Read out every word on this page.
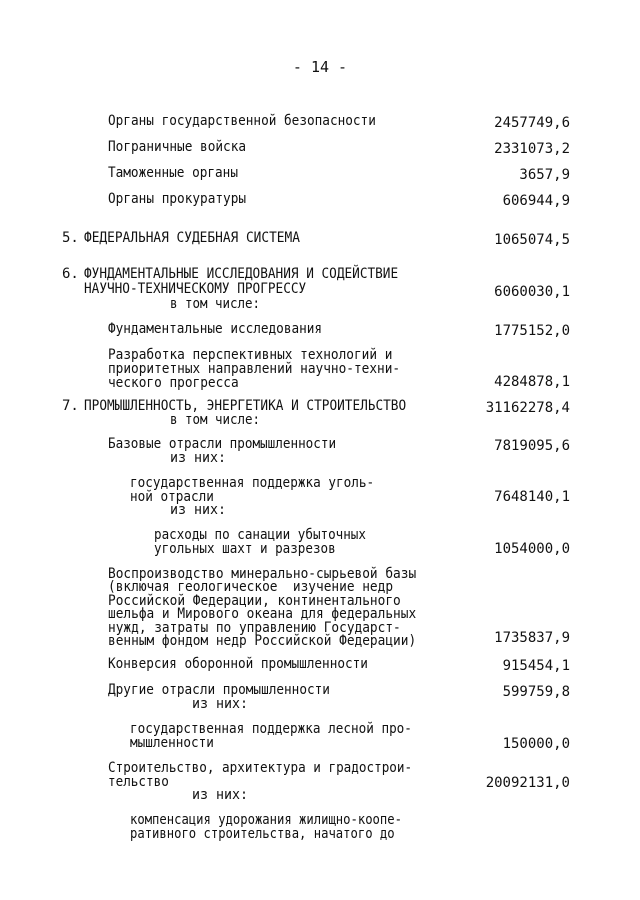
- 14 -
Органы государственной безопасности	2457749,6
Пограничные войска	2331073,2
Таможенные органы	3657,9
Органы прокуратуры	606944,9
5. ФЕДЕРАЛЬНАЯ СУДЕБНАЯ СИСТЕМА	1065074,5
6. ФУНДАМЕНТАЛЬНЫЕ ИССЛЕДОВАНИЯ И СОДЕЙСТВИЕ
НАУЧНО-ТЕХНИЧЕСКОМУ ПРОГРЕССУ	6060030,1
в том числе:
Фундаментальные исследования	1775152,0
Разработка перспективных технологий и
приоритетных направлений научно-техни-
ческого прогресса	4284878,1
7. ПРОМЫШЛЕННОСТЬ, ЭНЕРГЕТИКА И СТРОИТЕЛЬСТВО	31162278,4
в том числе:
Базовые отрасли промышленности	7819095,6
из них:
государственная поддержка уголь-
ной отрасли	7648140,1
из них:
расходы по санации убыточных
угольных шахт и разрезов	1054000,0
Воспроизводство минерально-сырьевой базы
(включая геологическое  изучение недр
Российской Федерации, континентального
шельфа и Мирового океана для федеральных
нужд, затраты по управлению Государст-
венным фондом недр Российской Федерации)	1735837,9
Конверсия оборонной промышленности	915454,1
Другие отрасли промышленности	599759,8
из них:
государственная поддержка лесной про-
мышленности	150000,0
Строительство, архитектура и градострои-
тельство	20092131,0
из них:
компенсация удорожания жилищно-коопе-
ративного строительства, начатого до
